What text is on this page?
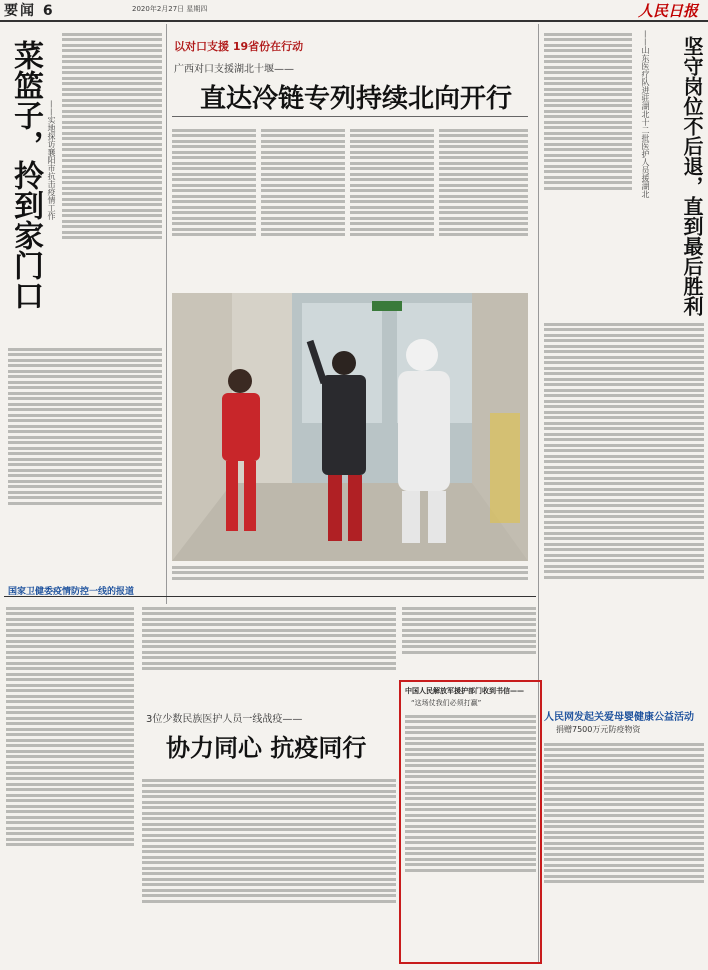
要闻 6	2020年2月27日 星期四	人民日报
菜篮子，拎到家门口 ——实地探访襄阳市抗击疫情工作
以对口支援 19省份在行动
广西对口支援湖北十堰——
直达冷链专列持续北向开行	——山东医疗队进驻湖北十二批医护人员援湖北	坚守岗位不后退，直到最后胜利
国家卫健委疫情防控一线的报道
3位少数民族医护人员一线战疫——
协力同心 抗疫同行
中国人民解放军援护部门收到书信——
“这场仗我们必须打赢”
人民网发起关爱母婴健康公益活动
捐赠7500万元防疫物资
